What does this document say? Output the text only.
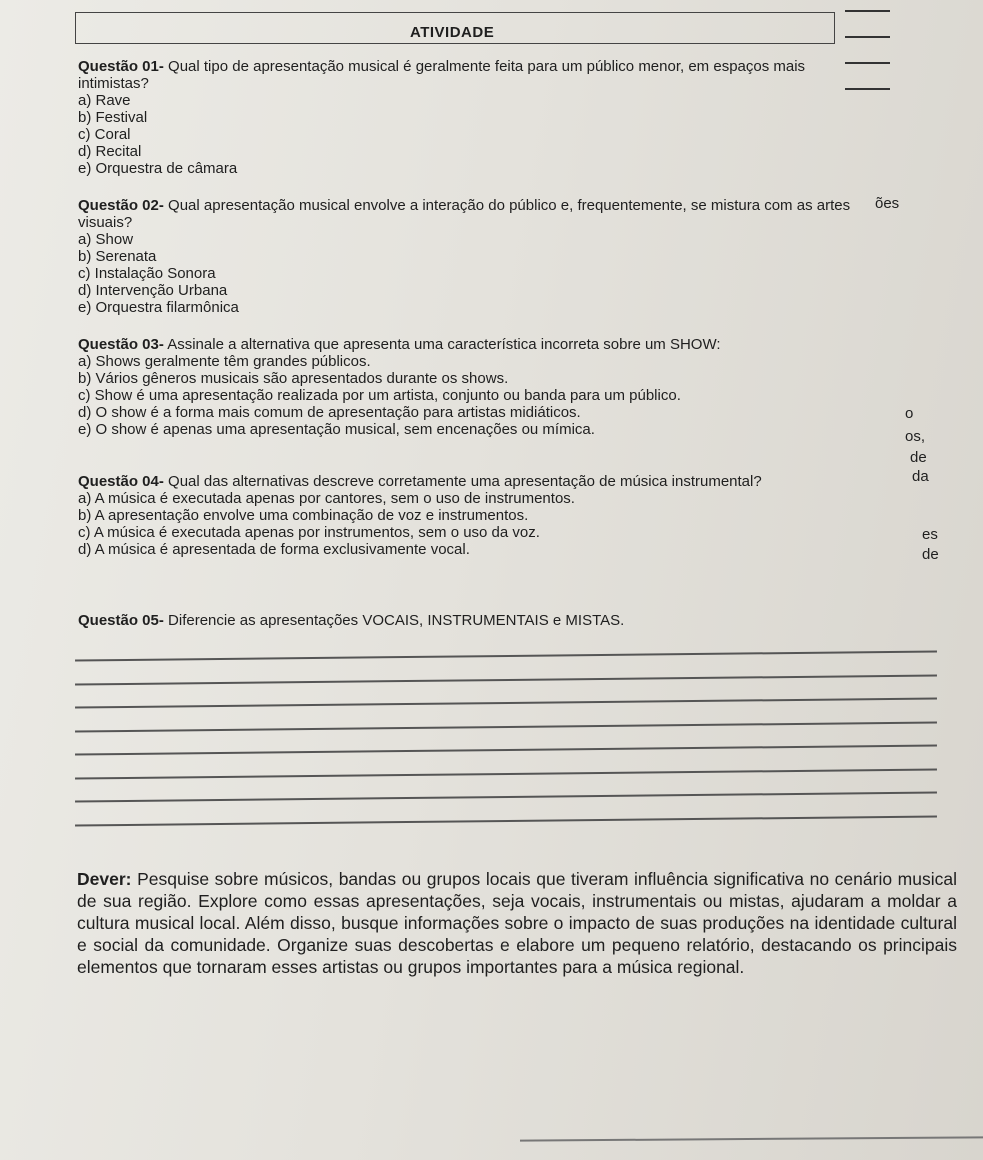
ATIVIDADE

Questão 01- Qual tipo de apresentação musical é geralmente feita para um público menor, em espaços mais intimistas?

a) Rave

b) Festival

c) Coral

d) Recital

e) Orquestra de câmara

Questão 02- Qual apresentação musical envolve a interação do público e, frequentemente, se mistura com as artes visuais?

a) Show

b) Serenata

c) Instalação Sonora

d) Intervenção Urbana

e) Orquestra filarmônica

Questão 03- Assinale a alternativa que apresenta uma característica incorreta sobre um SHOW:

a) Shows geralmente têm grandes públicos.

b) Vários gêneros musicais são apresentados durante os shows.

c) Show é uma apresentação realizada por um artista, conjunto ou banda para um público.

d) O show é a forma mais comum de apresentação para artistas midiáticos.

e) O show é apenas uma apresentação musical, sem encenações ou mímica.

Questão 04- Qual das alternativas descreve corretamente uma apresentação de música instrumental?

a) A música é executada apenas por cantores, sem o uso de instrumentos.

b) A apresentação envolve uma combinação de voz e instrumentos.

c) A música é executada apenas por instrumentos, sem o uso da voz.

d) A música é apresentada de forma exclusivamente vocal.

Questão 05- Diferencie as apresentações VOCAIS, INSTRUMENTAIS e MISTAS.

ões
o
os,
de
da
es
de

Dever: Pesquise sobre músicos, bandas ou grupos locais que tiveram influência significativa no cenário musical de sua região. Explore como essas apresentações, seja vocais, instrumentais ou mistas, ajudaram a moldar a cultura musical local. Além disso, busque informações sobre o impacto de suas produções na identidade cultural e social da comunidade. Organize suas descobertas e elabore um pequeno relatório, destacando os principais elementos que tornaram esses artistas ou grupos importantes para a música regional.
